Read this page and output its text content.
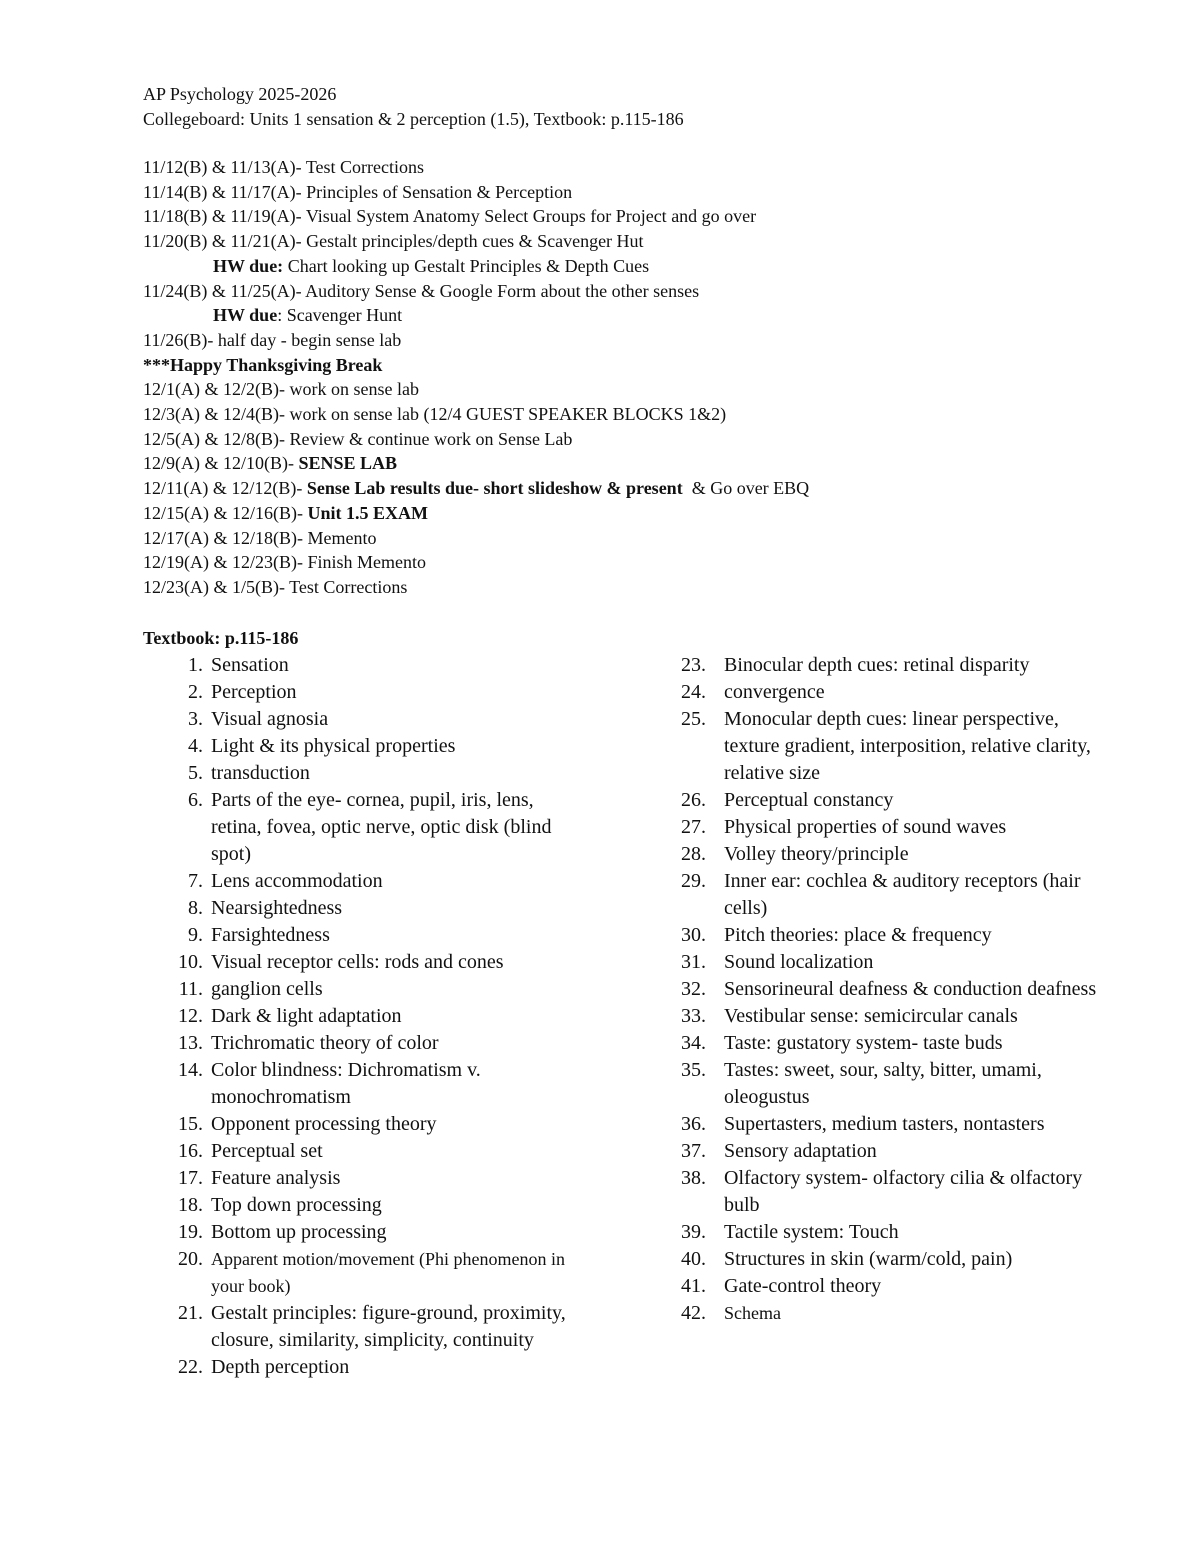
AP Psychology 2025-2026
Collegeboard: Units 1 sensation & 2 perception (1.5), Textbook: p.115-186
11/12(B) & 11/13(A)- Test Corrections
11/14(B) & 11/17(A)- Principles of Sensation & Perception
11/18(B) & 11/19(A)- Visual System Anatomy Select Groups for Project and go over
11/20(B) & 11/21(A)- Gestalt principles/depth cues & Scavenger Hut
HW due: Chart looking up Gestalt Principles & Depth Cues
11/24(B) & 11/25(A)- Auditory Sense & Google Form about the other senses
HW due: Scavenger Hunt
11/26(B)- half day - begin sense lab
***Happy Thanksgiving Break
12/1(A) & 12/2(B)- work on sense lab
12/3(A) & 12/4(B)- work on sense lab (12/4 GUEST SPEAKER BLOCKS 1&2)
12/5(A) & 12/8(B)- Review & continue work on Sense Lab
12/9(A) & 12/10(B)- SENSE LAB
12/11(A) & 12/12(B)- Sense Lab results due- short slideshow & present  & Go over EBQ
12/15(A) & 12/16(B)- Unit 1.5 EXAM
12/17(A) & 12/18(B)- Memento
12/19(A) & 12/23(B)- Finish Memento
12/23(A) & 1/5(B)- Test Corrections
Textbook: p.115-186
1. Sensation
2. Perception
3. Visual agnosia
4. Light & its physical properties
5. transduction
6. Parts of the eye- cornea, pupil, iris, lens, retina, fovea, optic nerve, optic disk (blind spot)
7. Lens accommodation
8. Nearsightedness
9. Farsightedness
10. Visual receptor cells: rods and cones
11. ganglion cells
12. Dark & light adaptation
13. Trichromatic theory of color
14. Color blindness: Dichromatism v. monochromatism
15. Opponent processing theory
16. Perceptual set
17. Feature analysis
18. Top down processing
19. Bottom up processing
20. Apparent motion/movement (Phi phenomenon in your book)
21. Gestalt principles: figure-ground, proximity, closure, similarity, simplicity, continuity
22. Depth perception
23. Binocular depth cues: retinal disparity
24. convergence
25. Monocular depth cues: linear perspective, texture gradient, interposition, relative clarity, relative size
26. Perceptual constancy
27. Physical properties of sound waves
28. Volley theory/principle
29. Inner ear: cochlea & auditory receptors (hair cells)
30. Pitch theories: place & frequency
31. Sound localization
32. Sensorineural deafness & conduction deafness
33. Vestibular sense: semicircular canals
34. Taste: gustatory system- taste buds
35. Tastes: sweet, sour, salty, bitter, umami, oleogustus
36. Supertasters, medium tasters, nontasters
37. Sensory adaptation
38. Olfactory system- olfactory cilia & olfactory bulb
39. Tactile system: Touch
40. Structures in skin (warm/cold, pain)
41. Gate-control theory
42.	Schema
